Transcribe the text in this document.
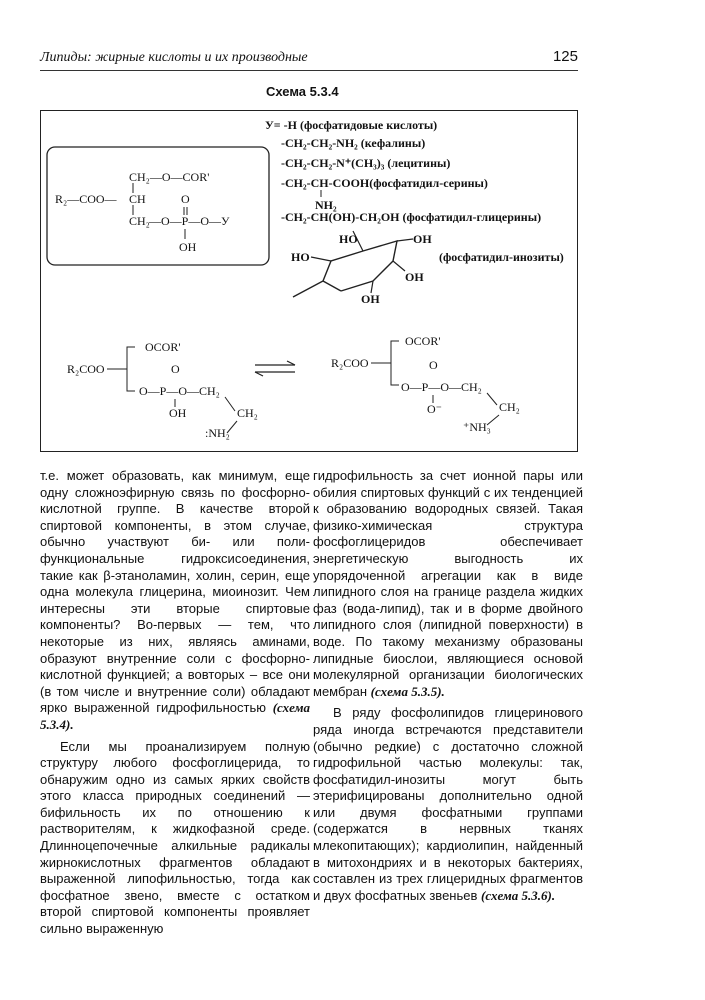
Липиды: жирные кислоты и их производные	125
Схема 5.3.4
CH₂—O—COR'
R₂—COO— CH	O
CH₂ —O—P—O—У
OH
У= -Н (фосфатидовые кислоты)
-CH₂-CH₂-NH₂ (кефалины)
-CH₂-CH₂-N⁺(CH₃)₃ (лецитины)
-CH₂-CH-COOH(фосфатидил-серины)
NH₂
-CH₂-CH(OH)-CH₂OH (фосфатидил-глицерины)
HO	OH
HO
OH
OH
(фосфатидил-инозиты)
OCOR'
R₂COO	O
O—P—O—CH₂
OH	CH₂
:NH₂
OCOR'
R₂COO	O
O—P—O—CH₂
O⁻	CH₂
⁺NH₃

т.е. может образовать, как минимум, еще одну сложноэфирную связь по фосфорно-кислотной группе. В качестве второй спиртовой компоненты, в этом случае, обычно участвуют би- или поли- функциональные гидроксисоединения, такие как β-этаноламин, холин, серин, еще одна молекула глицерина, миоинозит. Чем интересны эти вторые спиртовые компоненты? Во-первых — тем, что некоторые из них, являясь аминами, образуют внутренние соли с фосфорно-кислотной функцией; а вовторых – все они (в том числе и внутренние соли) обладают ярко выраженной гидрофильностью (схема 5.3.4).

Если мы проанализируем полную структуру любого фосфоглицерида, то обнаружим одно из самых ярких свойств этого класса природных соединений — бифильность их по отношению к растворителям, к жидкофазной среде. Длинноцепочечные алкильные радикалы жирнокислотных фрагментов обладают выраженной липофильностью, тогда как фосфатное звено, вместе с остатком второй спиртовой компоненты проявляет сильно выраженную

гидрофильность за счет ионной пары или обилия спиртовых функций с их тенденцией к образованию водородных связей. Такая физико-химическая структура фосфоглицеридов обеспечивает энергетическую выгодность их упорядоченной агрегации как в виде липидного слоя на границе раздела жидких фаз (вода-липид), так и в форме двойного липидного слоя (липидной поверхности) в воде. По такому механизму образованы липидные биослои, являющиеся основой молекулярной организации биологических мембран (схема 5.3.5).

В ряду фосфолипидов глицеринового ряда иногда встречаются представители (обычно редкие) с достаточно сложной гидрофильной частью молекулы: так, фосфатидил-инозиты могут быть этерифицированы дополнительно одной или двумя фосфатными группами (содержатся в нервных тканях млекопитающих); кардиолипин, найденный в митохондриях и в некоторых бактериях, составлен из трех глицеридных фрагментов и двух фосфатных звеньев (схема 5.3.6).
